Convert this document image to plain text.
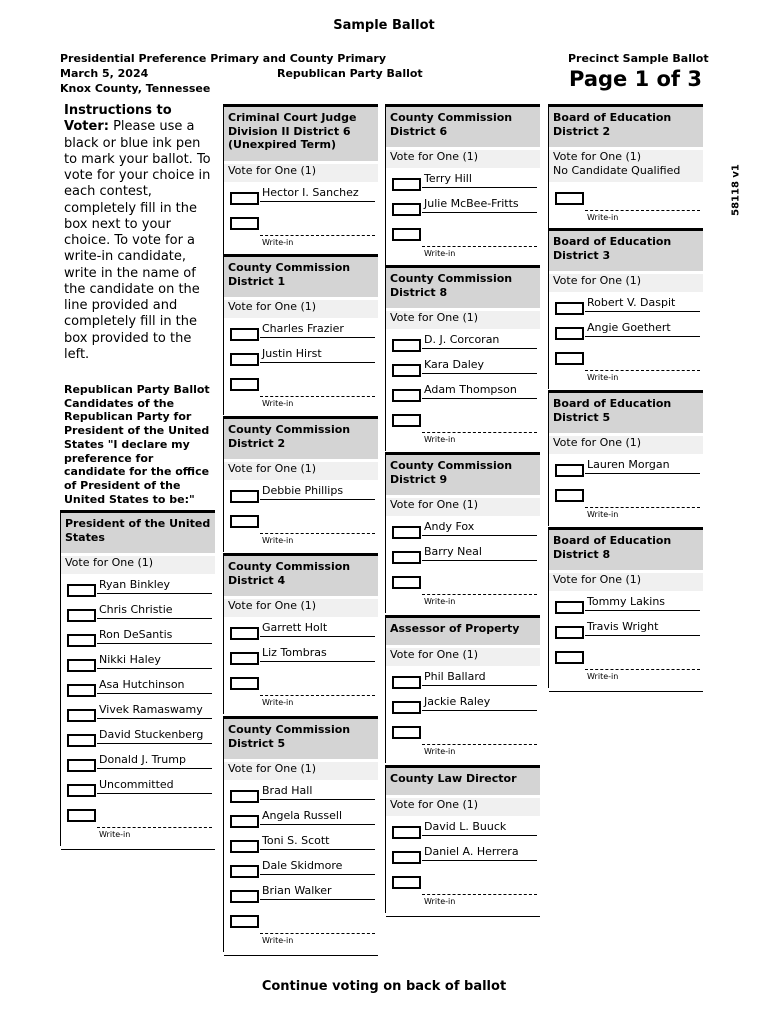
Sample Ballot
Presidential Preference Primary and County Primary
March 5, 2024
Knox County, Tennessee
Republican Party Ballot
Precinct Sample Ballot
Page 1 of 3
58118 v1
Instructions to Voter: Please use a black or blue ink pen to mark your ballot. To vote for your choice in each contest, completely fill in the box next to your choice. To vote for a write-in candidate, write in the name of the candidate on the line provided and completely fill in the box provided to the left.
Republican Party Ballot Candidates of the Republican Party for President of the United States "I declare my preference for candidate for the office of President of the United States to be:"
President of the United States
Vote for One (1)
Ryan Binkley
Chris Christie
Ron DeSantis
Nikki Haley
Asa Hutchinson
Vivek Ramaswamy
David Stuckenberg
Donald J. Trump
Uncommitted
Write-in
Criminal Court Judge Division II District 6 (Unexpired Term)
Vote for One (1)
Hector I. Sanchez
Write-in
County Commission District 1
Vote for One (1)
Charles Frazier
Justin Hirst
Write-in
County Commission District 2
Vote for One (1)
Debbie Phillips
Write-in
County Commission District 4
Vote for One (1)
Garrett Holt
Liz Tombras
Write-in
County Commission District 5
Vote for One (1)
Brad Hall
Angela Russell
Toni S. Scott
Dale Skidmore
Brian Walker
Write-in
County Commission District 6
Vote for One (1)
Terry Hill
Julie McBee-Fritts
Write-in
County Commission District 8
Vote for One (1)
D. J. Corcoran
Kara Daley
Adam Thompson
Write-in
County Commission District 9
Vote for One (1)
Andy Fox
Barry Neal
Write-in
Assessor of Property
Vote for One (1)
Phil Ballard
Jackie Raley
Write-in
County Law Director
Vote for One (1)
David L. Buuck
Daniel A. Herrera
Write-in
Board of Education District 2
Vote for One (1)
No Candidate Qualified
Write-in
Board of Education District 3
Vote for One (1)
Robert V. Daspit
Angie Goethert
Write-in
Board of Education District 5
Vote for One (1)
Lauren Morgan
Write-in
Board of Education District 8
Vote for One (1)
Tommy Lakins
Travis Wright
Write-in
Continue voting on back of ballot
